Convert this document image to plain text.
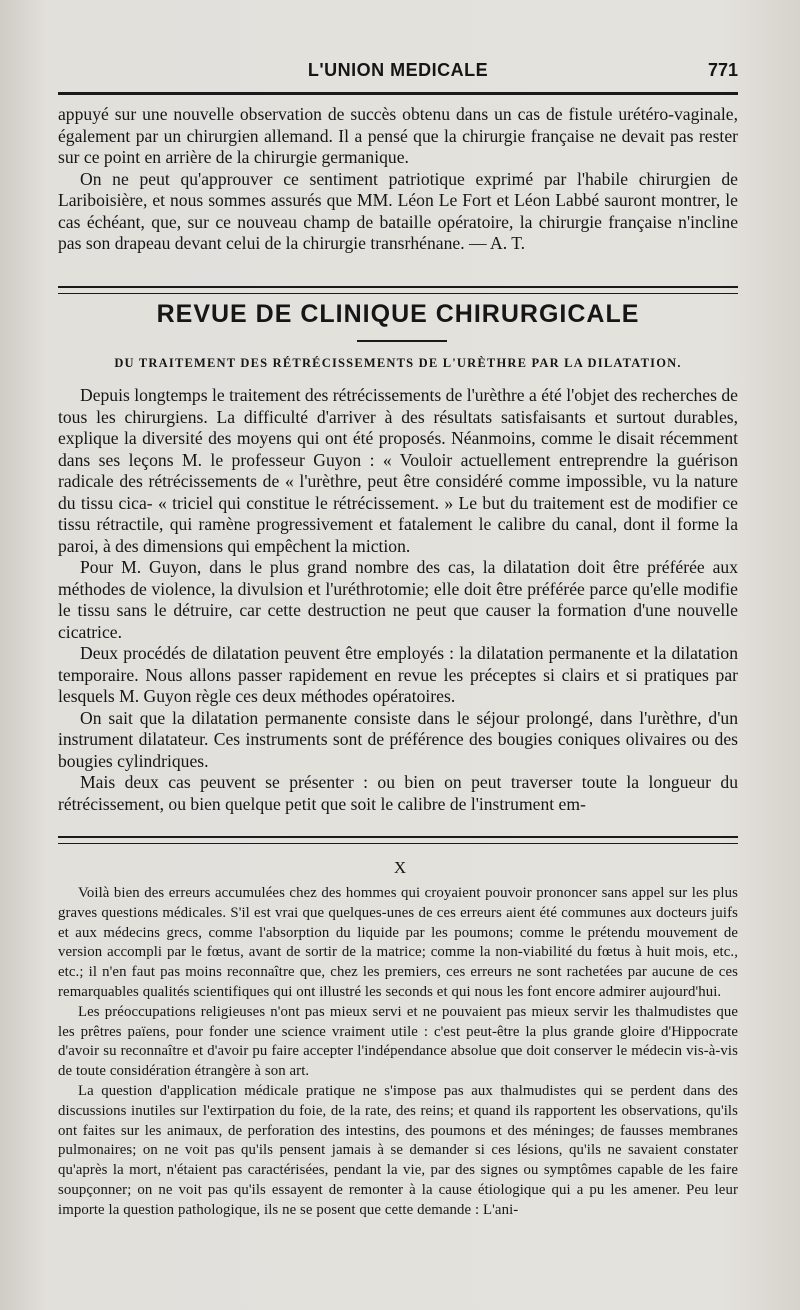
L'UNION MEDICALE	771

appuyé sur une nouvelle observation de succès obtenu dans un cas de fistule urétéro-vaginale, également par un chirurgien allemand. Il a pensé que la chirurgie française ne devait pas rester sur ce point en arrière de la chirurgie germanique.

On ne peut qu'approuver ce sentiment patriotique exprimé par l'habile chirurgien de Lariboisière, et nous sommes assurés que MM. Léon Le Fort et Léon Labbé sauront montrer, le cas échéant, que, sur ce nouveau champ de bataille opératoire, la chirurgie française n'incline pas son drapeau devant celui de la chirurgie transrhénane. — A. T.

REVUE DE CLINIQUE CHIRURGICALE
DU TRAITEMENT DES RÉTRÉCISSEMENTS DE L'URÈTHRE PAR LA DILATATION.

Depuis longtemps le traitement des rétrécissements de l'urèthre a été l'objet des recherches de tous les chirurgiens. La difficulté d'arriver à des résultats satisfaisants et surtout durables, explique la diversité des moyens qui ont été proposés. Néanmoins, comme le disait récemment dans ses leçons M. le professeur Guyon : « Vouloir actuellement entreprendre la guérison radicale des rétrécissements de « l'urèthre, peut être considéré comme impossible, vu la nature du tissu cica- « triciel qui constitue le rétrécissement. » Le but du traitement est de modifier ce tissu rétractile, qui ramène progressivement et fatalement le calibre du canal, dont il forme la paroi, à des dimensions qui empêchent la miction.

Pour M. Guyon, dans le plus grand nombre des cas, la dilatation doit être préférée aux méthodes de violence, la divulsion et l'uréthrotomie; elle doit être préférée parce qu'elle modifie le tissu sans le détruire, car cette destruction ne peut que causer la formation d'une nouvelle cicatrice.

Deux procédés de dilatation peuvent être employés : la dilatation permanente et la dilatation temporaire. Nous allons passer rapidement en revue les préceptes si clairs et si pratiques par lesquels M. Guyon règle ces deux méthodes opératoires.

On sait que la dilatation permanente consiste dans le séjour prolongé, dans l'urèthre, d'un instrument dilatateur. Ces instruments sont de préférence des bougies coniques olivaires ou des bougies cylindriques.

Mais deux cas peuvent se présenter : ou bien on peut traverser toute la longueur du rétrécissement, ou bien quelque petit que soit le calibre de l'instrument em-

X

Voilà bien des erreurs accumulées chez des hommes qui croyaient pouvoir prononcer sans appel sur les plus graves questions médicales. S'il est vrai que quelques-unes de ces erreurs aient été communes aux docteurs juifs et aux médecins grecs, comme l'absorption du liquide par les poumons; comme le prétendu mouvement de version accompli par le fœtus, avant de sortir de la matrice; comme la non-viabilité du fœtus à huit mois, etc., etc.; il n'en faut pas moins reconnaître que, chez les premiers, ces erreurs ne sont rachetées par aucune de ces remarquables qualités scientifiques qui ont illustré les seconds et qui nous les font encore admirer aujourd'hui.

Les préoccupations religieuses n'ont pas mieux servi et ne pouvaient pas mieux servir les thalmudistes que les prêtres païens, pour fonder une science vraiment utile : c'est peut-être la plus grande gloire d'Hippocrate d'avoir su reconnaître et d'avoir pu faire accepter l'indépendance absolue que doit conserver le médecin vis-à-vis de toute considération étrangère à son art.

La question d'application médicale pratique ne s'impose pas aux thalmudistes qui se perdent dans des discussions inutiles sur l'extirpation du foie, de la rate, des reins; et quand ils rapportent les observations, qu'ils ont faites sur les animaux, de perforation des intestins, des poumons et des méninges; de fausses membranes pulmonaires; on ne voit pas qu'ils pensent jamais à se demander si ces lésions, qu'ils ne savaient constater qu'après la mort, n'étaient pas caractérisées, pendant la vie, par des signes ou symptômes capable de les faire soupçonner; on ne voit pas qu'ils essayent de remonter à la cause étiologique qui a pu les amener. Peu leur importe la question pathologique, ils ne se posent que cette demande : L'ani-
